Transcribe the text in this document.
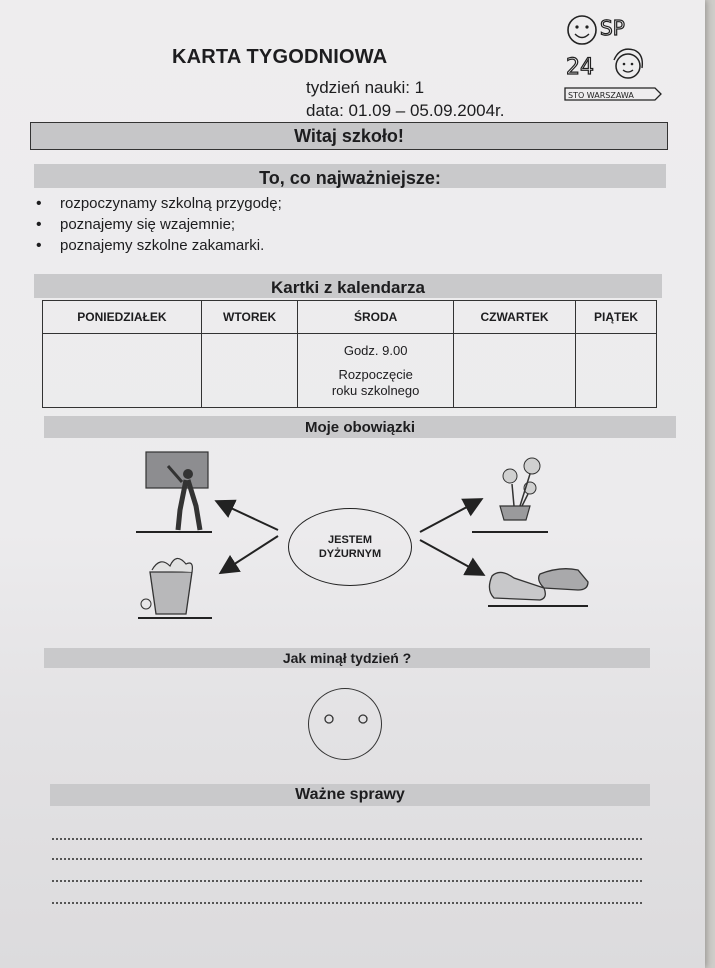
KARTA TYGODNIOWA
tydzień nauki: 1
data: 01.09 – 05.09.2004r.
SP
24
STO WARSZAWA
Witaj szkoło!
To, co najważniejsze:
• rozpoczynamy szkolną przygodę;
• poznajemy się wzajemnie;
• poznajemy szkolne zakamarki.
Kartki z kalendarza
PONIEDZIAŁEK	WTOREK	ŚRODA	CZWARTEK	PIĄTEK

		Godz. 9.00
Rozpoczęcie
roku szkolnego		

Moje obowiązki
JESTEM
DYŻURNYM
Jak minął tydzień ?
Ważne sprawy
